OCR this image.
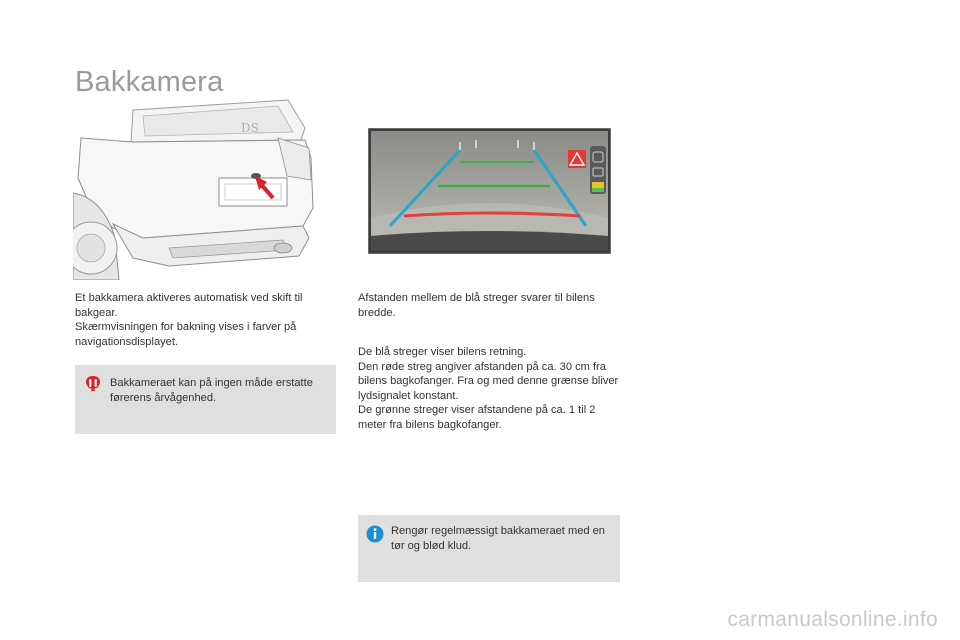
Bakkamera
DS

Et bakkamera aktiveres automatisk ved skift til bakgear.

Skærmvisningen for bakning vises i farver på navigationsdisplayet.

Bakkameraet kan på ingen måde erstatte førerens årvågenhed.

Afstanden mellem de blå streger svarer til bilens bredde.

De blå streger viser bilens retning.

Den røde streg angiver afstanden på ca. 30 cm fra bilens bagkofanger. Fra og med denne grænse bliver lydsignalet konstant.

De grønne streger viser afstandene på ca. 1 til 2 meter fra bilens bagkofanger.

Rengør regelmæssigt bakkameraet med en tør og blød klud.
carmanualsonline.info
